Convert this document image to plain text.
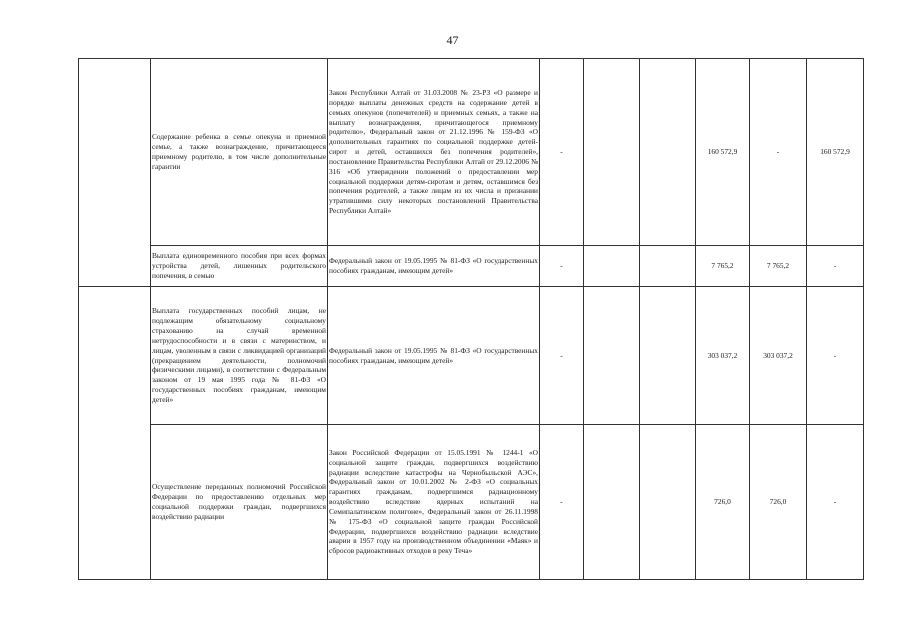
47
	Содержание ребенка в семье опекуна и приемной семье, а также вознаграждение, причитающееся приемному родителю, в том числе дополнительные гарантии	Закон Республики Алтай от 31.03.2008 № 23-РЗ «О размере и порядке выплаты денежных средств на содержание детей в семьях опекунов (попечителей) и приемных семьях, а также на выплату вознаграждения, причитающегося приемному родителю», Федеральный закон от 21.12.1996 № 159-ФЗ «О дополнительных гарантиях по социальной поддержке детей-сирот и детей, оставшихся без попечения родителей», постановление Правительства Республики Алтай от 29.12.2006 № 316 «Об утверждении положений о предоставлении мер социальной поддержки детям-сиротам и детям, оставшимся без попечения родителей, а также лицам из их числа и признании утратившими силу некоторых постановлений Правительства Республики Алтай»	-			160 572,9	-	160 572,9
	Выплата единовременного пособия при всех формах устройства детей, лишенных родительского попечения, в семью	Федеральный закон от 19.05.1995 № 81-ФЗ «О государственных пособиях гражданам, имеющим детей»	-			7 765,2	7 765,2	-
	Выплата государственных пособий лицам, не подлежащим обязательному социальному страхованию на случай временной нетрудоспособности и в связи с материнством, и лицам, уволенным в связи с ликвидацией организаций (прекращением деятельности, полномочий физическими лицами), в соответствии с Федеральным законом от 19 мая 1995 года № 81-ФЗ «О государственных пособиях гражданам, имеющим детей»	Федеральный закон от 19.05.1995 № 81-ФЗ «О государственных пособиях гражданам, имеющим детей»	-			303 037,2	303 037,2	-
	Осуществление переданных полномочий Российской Федерации по предоставлению отдельных мер социальной поддержки граждан, подвергшихся воздействию радиации	Закон Российской Федерации от 15.05.1991 № 1244-1 «О социальной защите граждан, подвергшихся воздействию радиации вследствие катастрофы на Чернобыльской АЭС», Федеральный закон от 10.01.2002 № 2-ФЗ «О социальных гарантиях гражданам, подвергшимся радиационному воздействию вследствие ядерных испытаний на Семипалатинском полигоне», Федеральный закон от 26.11.1998 № 175-ФЗ «О социальной защите граждан Российской Федерации, подвергшихся воздействию радиации вследствие аварии в 1957 году на производственном объединении «Маяк» и сбросов радиоактивных отходов в реку Теча»	-			726,0	726,0	-
